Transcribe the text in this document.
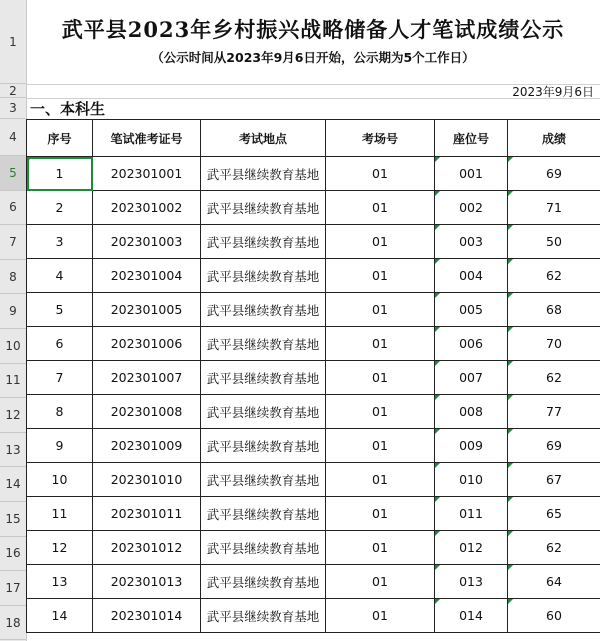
1
2
3
4
5
6
7
8
9
10
11
12
13
14
15
16
17
18
武平县2023年乡村振兴战略储备人才笔试成绩公示
（公示时间从2023年9月6日开始，公示期为5个工作日）
2023年9月6日
一、本科生
序号	笔试准考证号	考试地点	考场号	座位号	成绩
1	202301001	武平县继续教育基地	01	001	69

2	202301002	武平县继续教育基地	01	002	71

3	202301003	武平县继续教育基地	01	003	50

4	202301004	武平县继续教育基地	01	004	62

5	202301005	武平县继续教育基地	01	005	68

6	202301006	武平县继续教育基地	01	006	70

7	202301007	武平县继续教育基地	01	007	62

8	202301008	武平县继续教育基地	01	008	77

9	202301009	武平县继续教育基地	01	009	69

10	202301010	武平县继续教育基地	01	010	67

11	202301011	武平县继续教育基地	01	011	65

12	202301012	武平县继续教育基地	01	012	62

13	202301013	武平县继续教育基地	01	013	64

14	202301014	武平县继续教育基地	01	014	60
